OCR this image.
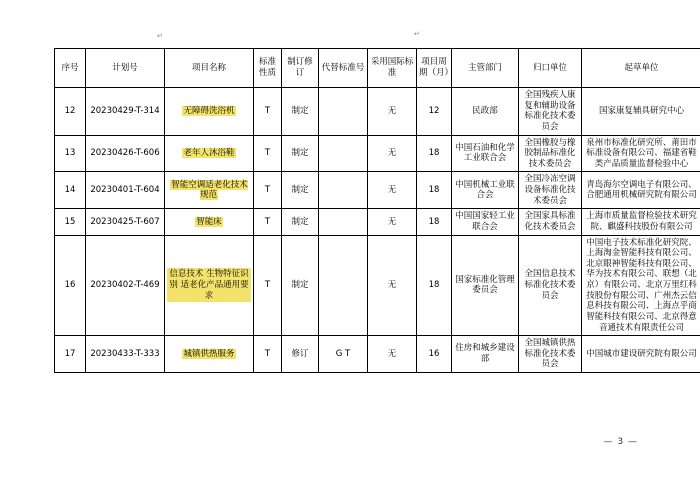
↵	↵
序号	计划号	项目名称	标准性质	制订修订	代替标准号	采用国际标准	项目周期（月）	主管部门	归口单位	起草单位
12	20230429-T-314	无障碍洗浴机	T	制定		无	12	民政部	全国残疾人康复和辅助设备标准化技术委员会	国家康复辅具研究中心
13	20230426-T-606	老年人沐浴鞋	T	制定		无	18	中国石油和化学工业联合会	全国橡胶与橡胶制品标准化技术委员会	泉州市标准化研究所、莆田市标准设备有限公司、福建省鞋类产品质量监督检验中心
14	20230401-T-604	智能空调适老化技术规范	T	制定		无	18	中国机械工业联合会	全国冷冻空调设备标准化技术委员会	青岛海尔空调电子有限公司、合肥通用机械研究院有限公司
15	20230425-T-607	智能床	T	制定		无	18	中国国家轻工业联合会	全国家具标准化技术委员会	上海市质量监督检验技术研究院、麒盛科技股份有限公司
16	20230402-T-469	信息技术 生物特征识别 适老化产品通用要求	T	制定		无	18	国家标准化管理委员会	全国信息技术标准化技术委员会	中国电子技术标准化研究院、上海淘金智能科技有限公司、北京眼神智能科技有限公司、华为技术有限公司、联想（北京）有限公司、北京万里红科技股份有限公司、广州杰云信息科技有限公司、上海点乎商智能科技有限公司、北京得意音通技术有限责任公司
17	20230433-T-333	城镇供热服务	T	修订	G T	无	16	住房和城乡建设部	全国城镇供热标准化技术委员会	中国城市建设研究院有限公司
— 3 —
